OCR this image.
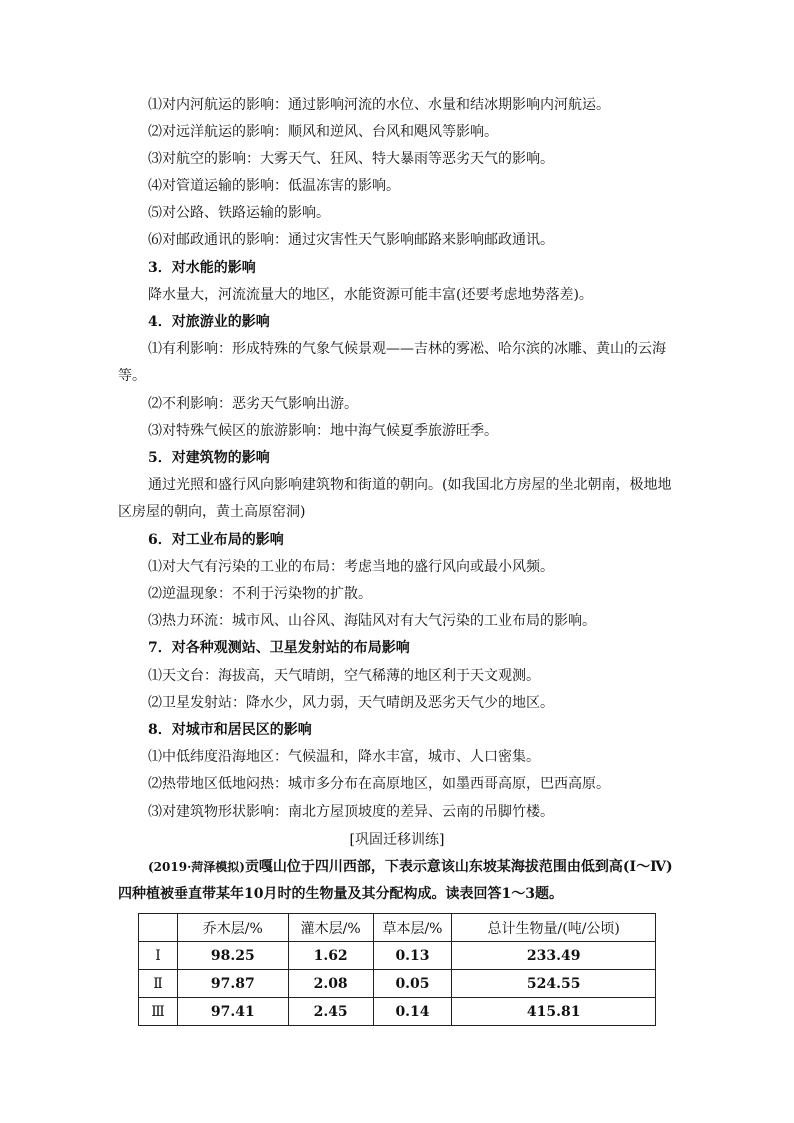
⑴对内河航运的影响：通过影响河流的水位、水量和结冰期影响内河航运。
⑵对远洋航运的影响：顺风和逆风、台风和飓风等影响。
⑶对航空的影响：大雾天气、狂风、特大暴雨等恶劣天气的影响。
⑷对管道运输的影响：低温冻害的影响。
⑸对公路、铁路运输的影响。
⑹对邮政通讯的影响：通过灾害性天气影响邮路来影响邮政通讯。
3．对水能的影响
降水量大，河流流量大的地区，水能资源可能丰富(还要考虑地势落差)。
4．对旅游业的影响
⑴有利影响：形成特殊的气象气候景观——吉林的雾凇、哈尔滨的冰雕、黄山的云海
等。
⑵不利影响：恶劣天气影响出游。
⑶对特殊气候区的旅游影响：地中海气候夏季旅游旺季。
5．对建筑物的影响
通过光照和盛行风向影响建筑物和街道的朝向。(如我国北方房屋的坐北朝南，极地地
区房屋的朝向，黄土高原窑洞)
6．对工业布局的影响
⑴对大气有污染的工业的布局：考虑当地的盛行风向或最小风频。
⑵逆温现象：不利于污染物的扩散。
⑶热力环流：城市风、山谷风、海陆风对有大气污染的工业布局的影响。
7．对各种观测站、卫星发射站的布局影响
⑴天文台：海拔高，天气晴朗，空气稀薄的地区利于天文观测。
⑵卫星发射站：降水少，风力弱，天气晴朗及恶劣天气少的地区。
8．对城市和居民区的影响
⑴中低纬度沿海地区：气候温和，降水丰富，城市、人口密集。
⑵热带地区低地闷热：城市多分布在高原地区，如墨西哥高原，巴西高原。
⑶对建筑物形状影响：南北方屋顶坡度的差异、云南的吊脚竹楼。
[巩固迁移训练]
(2019·菏泽模拟)贡嘎山位于四川西部，下表示意该山东坡某海拔范围由低到高(Ⅰ～Ⅳ)
四种植被垂直带某年10月时的生物量及其分配构成。读表回答1～3题。
	乔木层/%	灌木层/%	草本层/%	总计生物量/(吨/公顷)
Ⅰ	98.25	1.62	0.13	233.49
Ⅱ	97.87	2.08	0.05	524.55
Ⅲ	97.41	2.45	0.14	415.81
